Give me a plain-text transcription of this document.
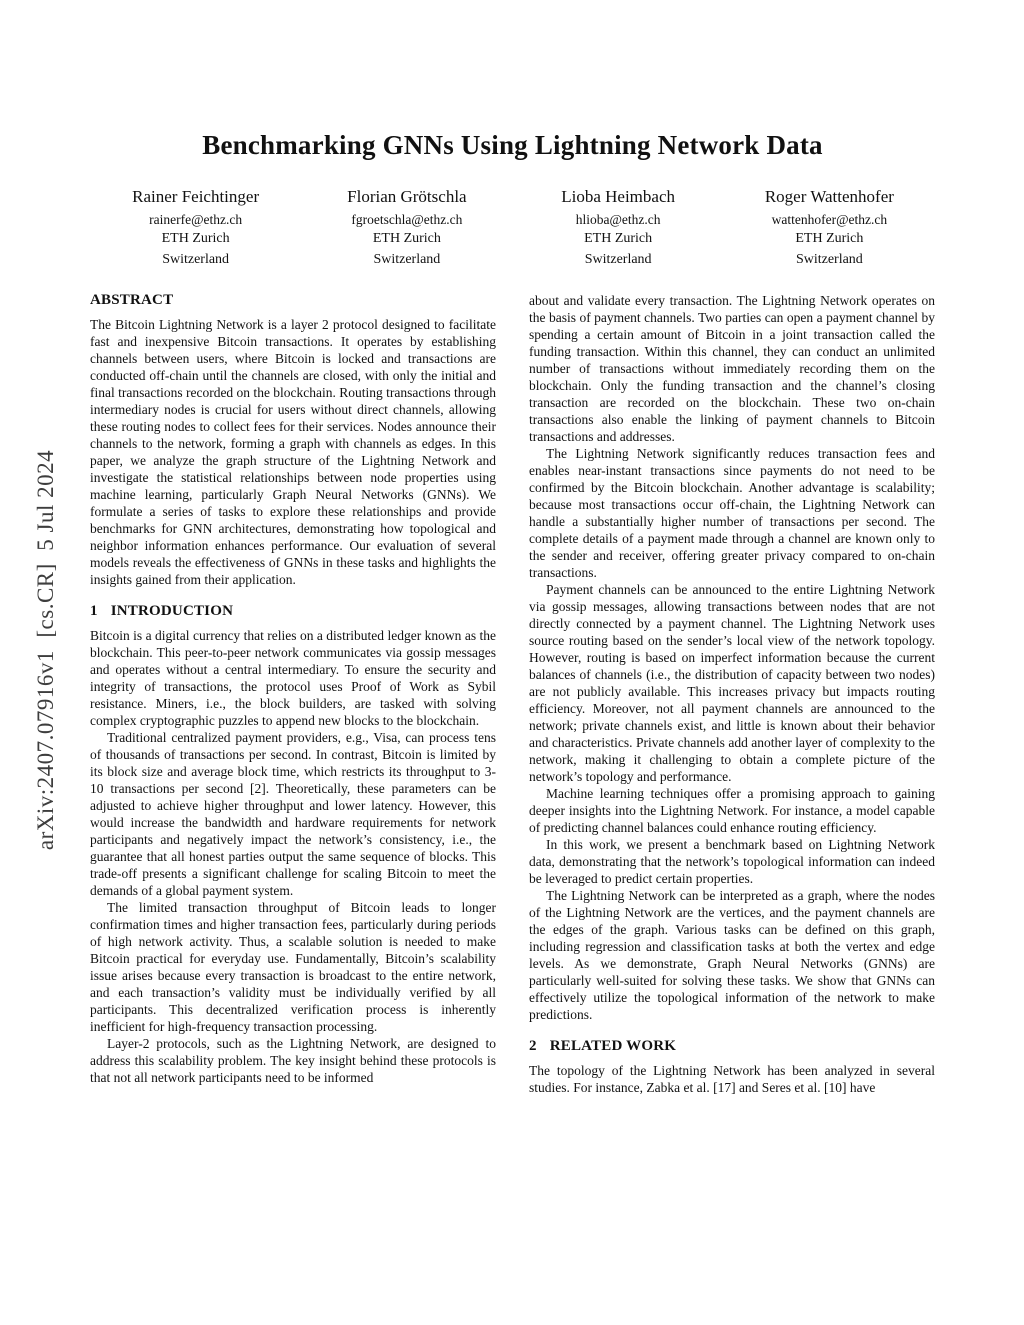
arXiv:2407.07916v1  [cs.CR]  5 Jul 2024
Benchmarking GNNs Using Lightning Network Data
Rainer Feichtinger
rainerfe@ethz.ch
ETH Zurich
Switzerland
Florian Grötschla
fgroetschla@ethz.ch
ETH Zurich
Switzerland
Lioba Heimbach
hlioba@ethz.ch
ETH Zurich
Switzerland
Roger Wattenhofer
wattenhofer@ethz.ch
ETH Zurich
Switzerland
ABSTRACT

The Bitcoin Lightning Network is a layer 2 protocol designed to facilitate fast and inexpensive Bitcoin transactions. It operates by establishing channels between users, where Bitcoin is locked and transactions are conducted off-chain until the channels are closed, with only the initial and final transactions recorded on the blockchain. Routing transactions through intermediary nodes is crucial for users without direct channels, allowing these routing nodes to collect fees for their services. Nodes announce their channels to the network, forming a graph with channels as edges. In this paper, we analyze the graph structure of the Lightning Network and investigate the statistical relationships between node properties using machine learning, particularly Graph Neural Networks (GNNs). We formulate a series of tasks to explore these relationships and provide benchmarks for GNN architectures, demonstrating how topological and neighbor information enhances performance. Our evaluation of several models reveals the effectiveness of GNNs in these tasks and highlights the insights gained from their application.

1 INTRODUCTION

Bitcoin is a digital currency that relies on a distributed ledger known as the blockchain. This peer-to-peer network communicates via gossip messages and operates without a central intermediary. To ensure the security and integrity of transactions, the protocol uses Proof of Work as Sybil resistance. Miners, i.e., the block builders, are tasked with solving complex cryptographic puzzles to append new blocks to the blockchain.

Traditional centralized payment providers, e.g., Visa, can process tens of thousands of transactions per second. In contrast, Bitcoin is limited by its block size and average block time, which restricts its throughput to 3-10 transactions per second [2]. Theoretically, these parameters can be adjusted to achieve higher throughput and lower latency. However, this would increase the bandwidth and hardware requirements for network participants and negatively impact the network’s consistency, i.e., the guarantee that all honest parties output the same sequence of blocks. This trade-off presents a significant challenge for scaling Bitcoin to meet the demands of a global payment system.

The limited transaction throughput of Bitcoin leads to longer confirmation times and higher transaction fees, particularly during periods of high network activity. Thus, a scalable solution is needed to make Bitcoin practical for everyday use. Fundamentally, Bitcoin’s scalability issue arises because every transaction is broadcast to the entire network, and each transaction’s validity must be individually verified by all participants. This decentralized verification process is inherently inefficient for high-frequency transaction processing.

Layer-2 protocols, such as the Lightning Network, are designed to address this scalability problem. The key insight behind these protocols is that not all network participants need to be informed

about and validate every transaction. The Lightning Network operates on the basis of payment channels. Two parties can open a payment channel by spending a certain amount of Bitcoin in a joint transaction called the funding transaction. Within this channel, they can conduct an unlimited number of transactions without immediately recording them on the blockchain. Only the funding transaction and the channel’s closing transaction are recorded on the blockchain. These two on-chain transactions also enable the linking of payment channels to Bitcoin transactions and addresses.

The Lightning Network significantly reduces transaction fees and enables near-instant transactions since payments do not need to be confirmed by the Bitcoin blockchain. Another advantage is scalability; because most transactions occur off-chain, the Lightning Network can handle a substantially higher number of transactions per second. The complete details of a payment made through a channel are known only to the sender and receiver, offering greater privacy compared to on-chain transactions.

Payment channels can be announced to the entire Lightning Network via gossip messages, allowing transactions between nodes that are not directly connected by a payment channel. The Lightning Network uses source routing based on the sender’s local view of the network topology. However, routing is based on imperfect information because the current balances of channels (i.e., the distribution of capacity between two nodes) are not publicly available. This increases privacy but impacts routing efficiency. Moreover, not all payment channels are announced to the network; private channels exist, and little is known about their behavior and characteristics. Private channels add another layer of complexity to the network, making it challenging to obtain a complete picture of the network’s topology and performance.

Machine learning techniques offer a promising approach to gaining deeper insights into the Lightning Network. For instance, a model capable of predicting channel balances could enhance routing efficiency.

In this work, we present a benchmark based on Lightning Network data, demonstrating that the network’s topological information can indeed be leveraged to predict certain properties.

The Lightning Network can be interpreted as a graph, where the nodes of the Lightning Network are the vertices, and the payment channels are the edges of the graph. Various tasks can be defined on this graph, including regression and classification tasks at both the vertex and edge levels. As we demonstrate, Graph Neural Networks (GNNs) are particularly well-suited for solving these tasks. We show that GNNs can effectively utilize the topological information of the network to make predictions.

2 RELATED WORK

The topology of the Lightning Network has been analyzed in several studies. For instance, Zabka et al. [17] and Seres et al. [10] have
